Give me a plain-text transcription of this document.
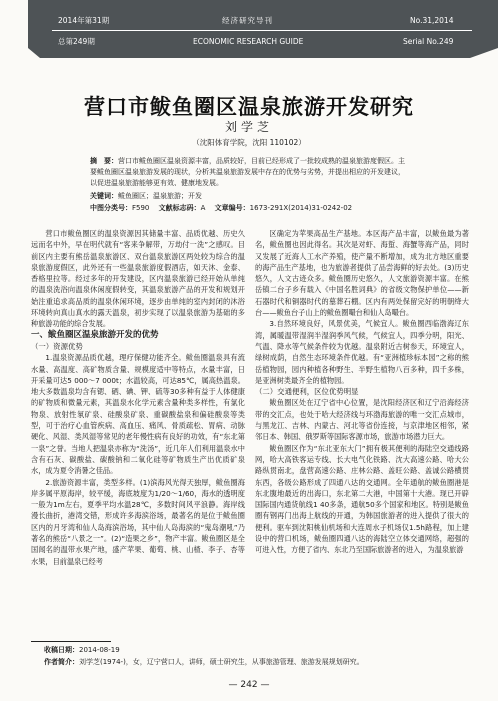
2014年第31期
总第249期
经济研究导刊
ECONOMIC RESEARCH GUIDE
No.31,2014
Serial No.249
营口市鲅鱼圈区温泉旅游开发研究
刘学芝
（沈阳体育学院，沈阳 110102）
摘　要：营口市鲅鱼圈区温泉资源丰富，品质较好，目前已经形成了一批较成熟的温泉旅游度假区。主要鲅鱼圈区温泉旅游发展的现状，分析其温泉旅游发展中存在的优势与劣势，并提出相应的开发建议，以促进温泉旅游能够更有效、健康地发展。
关键词：鲅鱼圈区；温泉旅游；开发
中图分类号：F590   文献标志码：A   文章编号：1673-291X(2014)31-0242-02

营口市鲅鱼圈区的温泉资源因其储量丰富、品质优越、历史久远而名中外，早在明代就有“客来争解带，万劫付一洗”之感叹。目前区内主要有熊岳温泉旅游区、双台温泉旅游区两处较为综合的温泉旅游度假区，此外还有一些温泉旅游度假酒店，如天沐、金泰、香格里拉等。经过多年的开发建设，区内温泉旅游已经开始从单纯的温泉洗浴向温泉休闲度假转变，其温泉旅游产品的开发和规划开始注重追求高品质的温泉休闲环境，逐步由单纯的室内封闭的沐浴环境转向真山真水的露天温泉，初步实现了以温泉旅游为基础的多种旅游功能的综合发展。

一、鲅鱼圈区温泉旅游开发的优势

（一）资源优势

1.温泉资源品质优越，理疗保健功能齐全。鲅鱼圈温泉具有流水量、高温度、高矿物质含量、规模度适中等特点，水量丰富，日开采量可达5 000～7 000t；水温较高，可达85℃，属高热温泉。地大多数温泉均含有锶、硒、碘、钾、硫等30多种有益于人体健康的矿物质和微量元素，其温泉水化学元素含量种类多样性，有氯化物泉、放射性氡矿泉、硅酸泉矿泉、重碳酸盐泉和偏硅酸泉等类型，可于治疗心血管疾病、高血压、痛风、骨质疏松、胃病、动脉硬化、风湿、类风湿等常见的老年慢性病有良好的功效，有“东北第一泉”之誉。当地人把温泉亦称为“洗汤”，近几年人们利用温泉水中含有石灰、碳酸盐、碳酸钠和二氧化硅等矿物质生产出优质矿泉水，成为夏令消暑之佳品。

2.旅游资源丰富，类型多样。(1)滨海风光得天独厚，鲅鱼圈海岸多属平原海岸，较平缓，海底坡度为1/20～1/60，海水的透明度一般为1m左右，夏季平均水温28℃，多数时间风平浪静。海岸线漫长曲折，港湾交错，形成许多海滨浴场，最著名的是位于鲅鱼圈区内的月牙湾和仙人岛海滨浴场，其中仙人岛海滨的“鬼岛潮吼”乃著名的熊岳“八景之一”。(2)“造果之乡”，物产丰富。鲅鱼圈区是全国闻名的温带水果产地，盛产苹果、葡萄、桃、山楂、李子、杏等水果，目前温泉已经考

区确定为苹果高品生产基地。本区海产品丰富，以鲅鱼最为著名，鲅鱼圈也因此得名。其次是对虾、海蜇、海蟹等海产品，同时又发展了近海人工水产养殖，使产量不断增加，成为北方地区重要的海产品生产基地，也为旅游者提供了品尝海鲜的好去处。(3)历史悠久，人文古迹众多。鲅鱼圈历史悠久，人文旅游资源丰富。在熊岳镇二台子乡有载入《中国名胜词典》的省级文物保护单位——新石器时代和铜器时代的墓葬石棚。区内有两处保留完好的明朝绛大台——鲅鱼台子山上的鲅鱼圈嘬台和仙人岛嘬台。

3.自然环境良好，风景优美，气候宜人。鲅鱼圈西临渤海辽东湾，属暖温带湿润半湿润季风气候，气候宜人，四季分明，阳光、气温、降水等气候条件较为优越。温泉附近古树参天，环境宜人，绿树成荫，自然生态环境条件优越。有“亚洲植珍标本园”之称的熊岳植物园，园内种植各种野生、半野生植物八百多种，四千多株，是亚洲树类最齐全的植物园。

（二）交通便利，区位优势明显

鲅鱼圈区处在辽宁省中心位置，是沈阳经济区和辽宁沿海经济带的交汇点，也处于哈大经济线与环渤海旅游的唯一交汇点城市，与黑龙江、吉林、内蒙古、河北等省份连接，与京津地区相邻，紧邻日本、韩国、俄罗斯等国际客源市场，旅游市场潜力巨大。

鲅鱼圈区作为“东北亚东大门”拥有极其便利的海陆空交通线路网，哈大高铁客运专线、长大电气化铁路、沈大高速公路、哈大公路纵贯南北，盘营高速公路、庄林公路、盖旺公路、盖诚公路横贯东西，各级公路形成了四通八达的交通网。全年通航的鲅鱼圈港是东北腹地最近的出海口，东北第二大港，中国第十大港。现已开辟国际国内通货航线1 40多条，通航50多个国家和地区。特别是鲅鱼圈有钢再门出海上航线的开通，为韩国旅游者的进入提供了很大的便利。驱车到沈阳桃仙机场和大连周水子机场仅1.5h路程，加上建设中的营口机场，鲅鱼圈四通八达的海陆空立体交通网络，超强的可进入性，方便了省内、东北乃至国际旅游者的进入，为温泉旅游

收稿日期：2014-08-19
作者简介：刘学芝(1974-)，女，辽宁营口人，讲师，硕士研究生，从事旅游管理、旅游发展规划研究。
— 242 —
